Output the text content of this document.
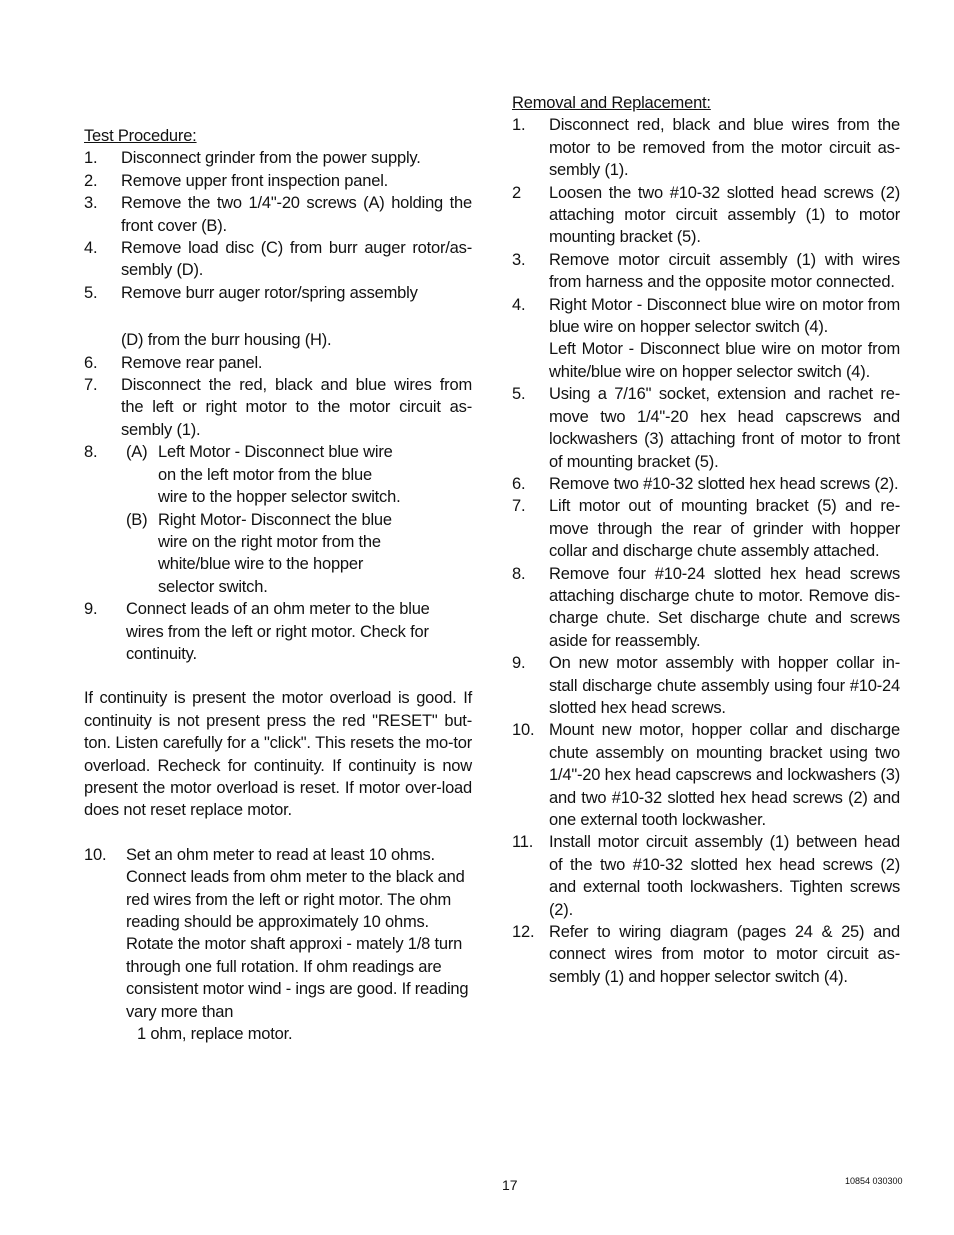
Test Procedure:

1. Disconnect grinder from the power supply.
2. Remove upper front inspection panel.
3. Remove the two 1/4"-20 screws (A) holding the front cover (B).
4. Remove load disc (C) from burr auger rotor/as-sembly (D).
5. Remove burr auger rotor/spring assembly
(D) from the burr housing (H).
6. Remove rear panel.
7. Disconnect the red, black and blue wires from the left or right motor to the motor circuit as-sembly (1).
8. (A) Left Motor - Disconnect blue wire on the left motor from the blue wire to the hopper selector switch.
(B) Right Motor- Disconnect the blue wire on the right motor from the white/blue wire to the hopper selector switch.
9. Connect leads of an ohm meter to the blue wires from the left or right motor. Check for continuity.

If continuity is present the motor overload is good. If continuity is not present press the red "RESET" but-ton. Listen carefully for a "click". This resets the mo-tor overload. Recheck for continuity. If continuity is now present the motor overload is reset. If motor over-load does not reset replace motor.

10. Set an ohm meter to read at least 10 ohms. Connect leads from ohm meter to the black and red wires from the left or right motor. The ohm reading should be approximately 10 ohms. Rotate the motor shaft approxi - mately 1/8 turn through one full rotation. If ohm readings are consistent motor wind - ings are good. If reading vary more than
1 ohm, replace motor.

Removal and Replacement:

1. Disconnect red, black and blue wires from the motor to be removed from the motor circuit as-sembly (1).
2 Loosen the two #10-32 slotted head screws (2) attaching motor circuit assembly (1) to motor mounting bracket (5).
3. Remove motor circuit assembly (1) with wires from harness and the opposite motor connected.
4. Right Motor - Disconnect blue wire on motor from blue wire on hopper selector switch (4).
Left Motor - Disconnect blue wire on motor from white/blue wire on hopper selector switch (4).
5. Using a 7/16" socket, extension and rachet re-move two 1/4"-20 hex head capscrews and lockwashers (3) attaching front of motor to front of mounting bracket (5).
6. Remove two #10-32 slotted hex head screws (2).
7. Lift motor out of mounting bracket (5) and re-move through the rear of grinder with hopper collar and discharge chute assembly attached.
8. Remove four #10-24 slotted hex head screws attaching discharge chute to motor. Remove dis-charge chute. Set discharge chute and screws aside for reassembly.
9. On new motor assembly with hopper collar in-stall discharge chute assembly using four #10-24 slotted hex head screws.
10. Mount new motor, hopper collar and discharge chute assembly on mounting bracket using two 1/4"-20 hex head capscrews and lockwashers (3) and two #10-32 slotted hex head screws (2) and one external tooth lockwasher.
11. Install motor circuit assembly (1) between head of the two #10-32 slotted hex head screws (2) and external tooth lockwashers. Tighten screws (2).
12. Refer to wiring diagram (pages 24 & 25) and connect wires from motor to motor circuit as-sembly (1) and hopper selector switch (4).
17	10854 030300
